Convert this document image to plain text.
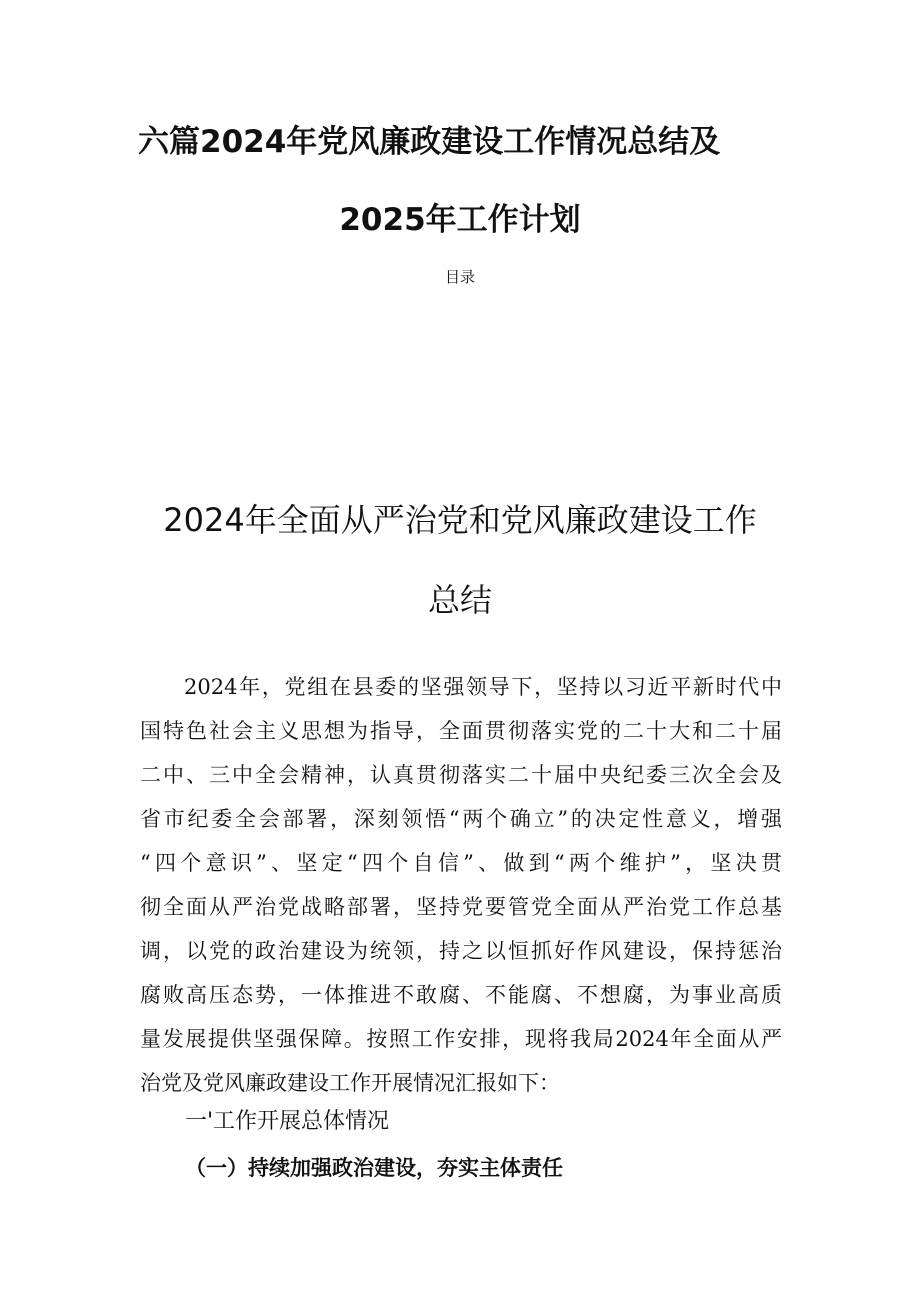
六篇2024年党风廉政建设工作情况总结及
2025年工作计划
目录
2024年全面从严治党和党风廉政建设工作
总结
2024年，党组在县委的坚强领导下，坚持以习近平新时代中
国特色社会主义思想为指导，全面贯彻落实党的二十大和二十届
二中、三中全会精神，认真贯彻落实二十届中央纪委三次全会及
省市纪委全会部署，深刻领悟“两个确立”的决定性意义，增强
“四个意识”、坚定“四个自信”、做到“两个维护”，坚决贯
彻全面从严治党战略部署，坚持党要管党全面从严治党工作总基
调，以党的政治建设为统领，持之以恒抓好作风建设，保持惩治
腐败高压态势，一体推进不敢腐、不能腐、不想腐，为事业高质
量发展提供坚强保障。按照工作安排，现将我局2024年全面从严
治党及党风廉政建设工作开展情况汇报如下：
一'工作开展总体情况
（一）持续加强政治建设，夯实主体责任
